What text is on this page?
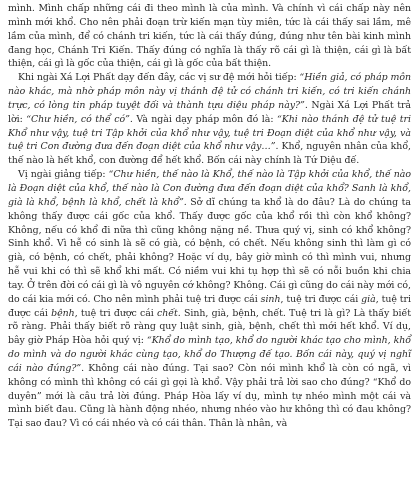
mình. Mình chấp những cái đi theo mình là của mình. Và chính vì cái chấp này nên mình mới khổ. Cho nên phải đoạn trừ kiến mạn tùy miên, tức là cái thấy sai lầm, mê lầm của mình, để có chánh tri kiến, tức là cái thấy đúng, đúng như tên bài kinh mình đang học, Chánh Tri Kiến. Thấy đúng có nghĩa là thấy rõ cái gì là thiện, cái gì là bất thiện, cái gì là gốc của thiện, cái gì là gốc của bất thiện.

Khi ngài Xá Lợi Phất dạy đến đây, các vị sư đệ mới hỏi tiếp: “Hiền giả, có pháp môn nào khác, mà nhờ pháp môn này vị thánh đệ tử có chánh tri kiến, có tri kiến chánh trực, có lòng tin pháp tuyệt đối và thành tựu diệu pháp này?”. Ngài Xá Lợi Phất trả lời: “Chư hiền, có thể có”. Và ngài dạy pháp môn đó là: “Khi nào thánh đệ tử tuệ tri Khổ như vậy, tuệ tri Tập khởi của khổ như vậy, tuệ tri Đoạn diệt của khổ như vậy, và tuệ tri Con đường đưa đến đoạn diệt của khổ như vậy…”. Khổ, nguyên nhân của khổ, thế nào là hết khổ, con đường để hết khổ. Bốn cái này chính là Tứ Diệu đế.

Vị ngài giảng tiếp: “Chư hiền, thế nào là Khổ, thế nào là Tập khởi của khổ, thế nào là Đoạn diệt của khổ, thế nào là Con đường đưa đến đoạn diệt của khổ? Sanh là khổ, già là khổ, bệnh là khổ, chết là khổ”. Sở dĩ chúng ta khổ là do đâu? Là do chúng ta không thấy được cái gốc của khổ. Thấy được gốc của khổ rồi thì còn khổ không? Không, nếu có khổ đi nữa thì cũng không nặng nề. Thưa quý vị, sinh có khổ không? Sinh khổ. Vì hễ có sinh là sẽ có già, có bệnh, có chết. Nếu không sinh thì làm gì có già, có bệnh, có chết, phải không? Hoặc ví dụ, bây giờ mình có thì mình vui, nhưng hễ vui khi có thì sẽ khổ khi mất. Có niềm vui khi tụ hợp thì sẽ có nỗi buồn khi chia tay. Ở trên đời có cái gì là vô nguyên cớ không? Không. Cái gì cũng do cái này mới có, do cái kia mới có. Cho nên mình phải tuệ tri được cái sinh, tuệ tri được cái già, tuệ tri được cái bệnh, tuệ tri được cái chết. Sinh, già, bệnh, chết. Tuệ tri là gì? Là thấy biết rõ ràng. Phải thấy biết rõ ràng quy luật sinh, già, bệnh, chết thì mới hết khổ. Ví dụ, bây giờ Pháp Hòa hỏi quý vị: “Khổ do mình tạo, khổ do người khác tạo cho mình, khổ do mình và do người khác cùng tạo, khổ do Thượng đế tạo. Bốn cái này, quý vị nghĩ cái nào đúng?”. Không cái nào đúng. Tại sao? Còn nói mình khổ là còn có ngã, vì không có mình thì không có cái gì gọi là khổ. Vậy phải trả lời sao cho đúng? “Khổ do duyên” mới là câu trả lời đúng. Pháp Hòa lấy ví dụ, mình tự nhéo mình một cái và mình biết đau. Cũng là hành động nhéo, nhưng nhéo vào hư không thì có đau không? Tại sao đau? Vì có cái nhéo và có cái thân. Thân là nhân, và
